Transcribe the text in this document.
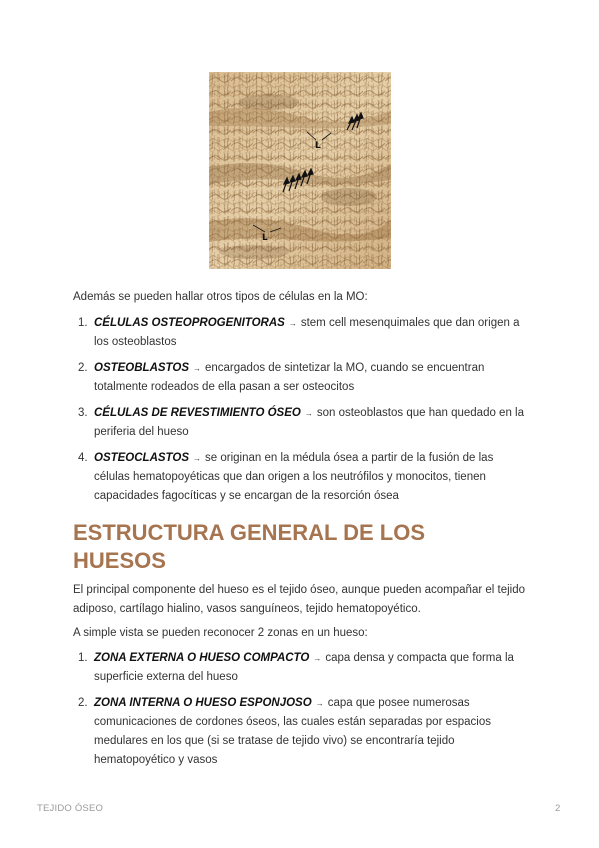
L
L

Además se pueden hallar otros tipos de células en la MO:

1. CÉLULAS OSTEOPROGENITORAS → stem cell mesenquimales que dan origen a los osteoblastos
2. OSTEOBLASTOS → encargados de sintetizar la MO, cuando se encuentran totalmente rodeados de ella pasan a ser osteocitos
3. CÉLULAS DE REVESTIMIENTO ÓSEO → son osteoblastos que han quedado en la periferia del hueso
4. OSTEOCLASTOS → se originan en la médula ósea a partir de la fusión de las células hematopoyéticas que dan origen a los neutrófilos y monocitos, tienen capacidades fagocíticas y se encargan de la resorción ósea
ESTRUCTURA GENERAL DE LOS HUESOS

El principal componente del hueso es el tejido óseo, aunque pueden acompañar el tejido adiposo, cartílago hialino, vasos sanguíneos, tejido hematopoyético.

A simple vista se pueden reconocer 2 zonas en un hueso:

1. ZONA EXTERNA O HUESO COMPACTO → capa densa y compacta que forma la superficie externa del hueso
2. ZONA INTERNA O HUESO ESPONJOSO → capa que posee numerosas comunicaciones de cordones óseos, las cuales están separadas por espacios medulares en los que (si se tratase de tejido vivo) se encontraría tejido hematopoyético y vasos
TEJIDO ÓSEO	2
